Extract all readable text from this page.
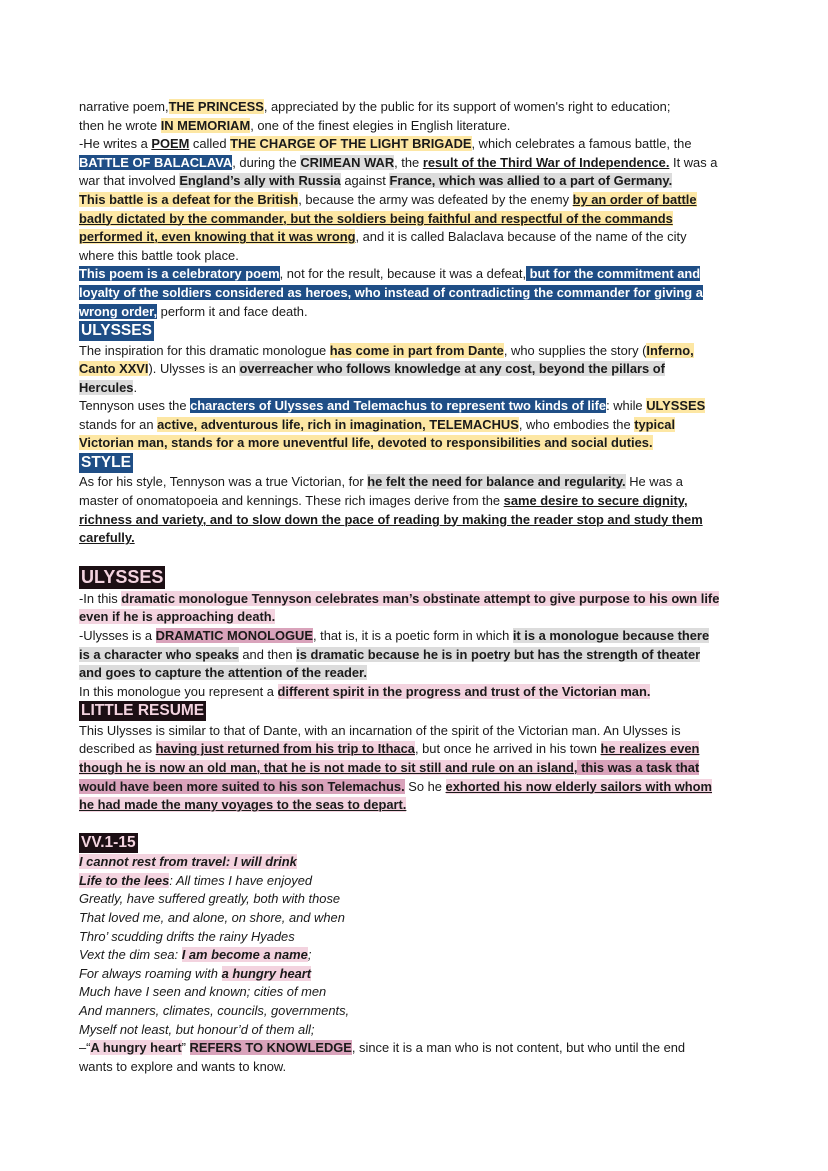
narrative poem,THE PRINCESS, appreciated by the public for its support of women's right to education;
then he wrote IN MEMORIAM, one of the finest elegies in English literature.
-He writes a POEM called THE CHARGE OF THE LIGHT BRIGADE, which celebrates a famous battle, the
BATTLE OF BALACLAVA, during the CRIMEAN WAR, the result of the Third War of Independence. It was a
war that involved England’s ally with Russia against France, which was allied to a part of Germany.
This battle is a defeat for the British, because the army was defeated by the enemy by an order of battle
badly dictated by the commander, but the soldiers being faithful and respectful of the commands
performed it, even knowing that it was wrong, and it is called Balaclava because of the name of the city
where this battle took place.
This poem is a celebratory poem, not for the result, because it was a defeat, but for the commitment and
loyalty of the soldiers considered as heroes, who instead of contradicting the commander for giving a
wrong order, perform it and face death.
ULYSSES
The inspiration for this dramatic monologue has come in part from Dante, who supplies the story (Inferno,
Canto XXVI). Ulysses is an overreacher who follows knowledge at any cost, beyond the pillars of
Hercules.
Tennyson uses the characters of Ulysses and Telemachus to represent two kinds of life: while ULYSSES
stands for an active, adventurous life, rich in imagination, TELEMACHUS, who embodies the typical
Victorian man, stands for a more uneventful life, devoted to responsibilities and social duties.
STYLE
As for his style, Tennyson was a true Victorian, for he felt the need for balance and regularity. He was a
master of onomatopoeia and kennings. These rich images derive from the same desire to secure dignity,
richness and variety, and to slow down the pace of reading by making the reader stop and study them
carefully.
ULYSSES
-In this dramatic monologue Tennyson celebrates man’s obstinate attempt to give purpose to his own life
even if he is approaching death.
-Ulysses is a DRAMATIC MONOLOGUE, that is, it is a poetic form in which it is a monologue because there
is a character who speaks and then is dramatic because he is in poetry but has the strength of theater
and goes to capture the attention of the reader.
In this monologue you represent a different spirit in the progress and trust of the Victorian man.
LITTLE RESUME
This Ulysses is similar to that of Dante, with an incarnation of the spirit of the Victorian man. An Ulysses is
described as having just returned from his trip to Ithaca, but once he arrived in his town he realizes even
though he is now an old man, that he is not made to sit still and rule on an island, this was a task that
would have been more suited to his son Telemachus. So he exhorted his now elderly sailors with whom
he had made the many voyages to the seas to depart.
VV.1-15
I cannot rest from travel: I will drink
Life to the lees: All times I have enjoyed
Greatly, have suffered greatly, both with those
That loved me, and alone, on shore, and when
Thro’ scudding drifts the rainy Hyades
Vext the dim sea: I am become a name;
For always roaming with a hungry heart
Much have I seen and known; cities of men
And manners, climates, councils, governments,
Myself not least, but honour’d of them all;
–“A hungry heart” REFERS TO KNOWLEDGE, since it is a man who is not content, but who until the end
wants to explore and wants to know.
